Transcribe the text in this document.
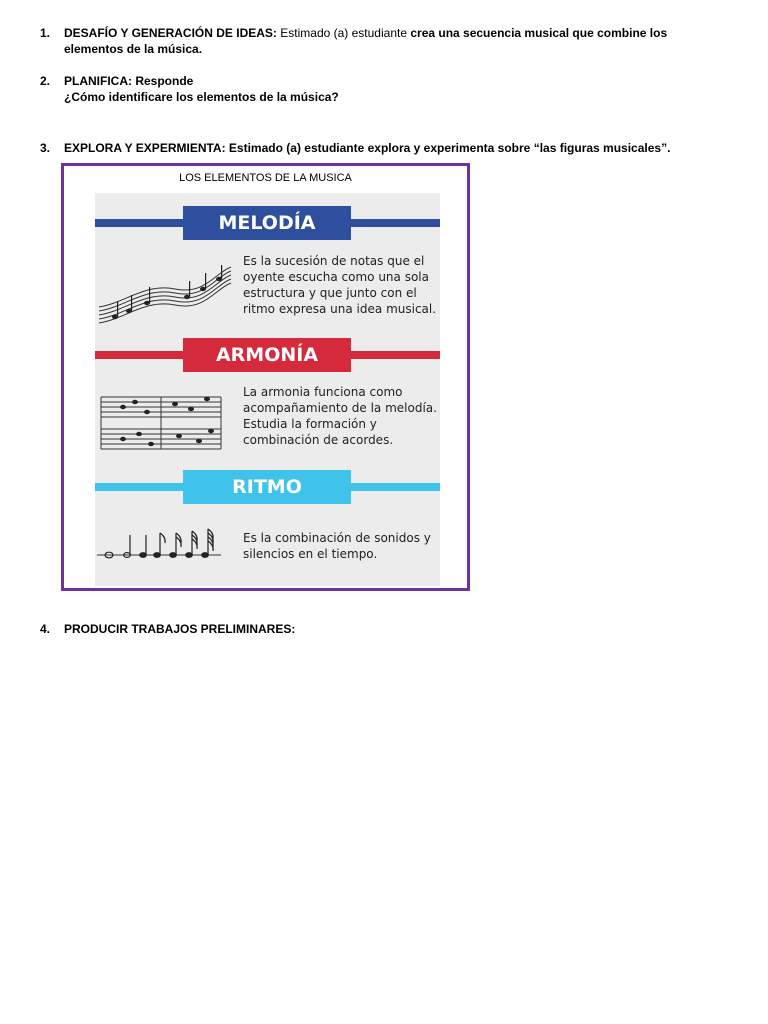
1. DESAFÍO Y GENERACIÓN DE IDEAS: Estimado (a) estudiante crea una secuencia musical que combine los elementos de la música.
2. PLANIFICA: Responde
¿Cómo identificare los elementos de la música?
3. EXPLORA Y EXPERMIENTA: Estimado (a) estudiante explora y experimenta sobre “las figuras musicales”.
LOS ELEMENTOS DE LA MUSICA
MELODÍA
Es la sucesión de notas que el oyente escucha como una sola estructura y que junto con el ritmo expresa una idea musical.
ARMONÍA
La armonia funciona como acompañamiento de la melodía. Estudia la formación y combinación de acordes.
RITMO
Es la combinación de sonidos y silencios en el tiempo.
4. PRODUCIR TRABAJOS PRELIMINARES:
